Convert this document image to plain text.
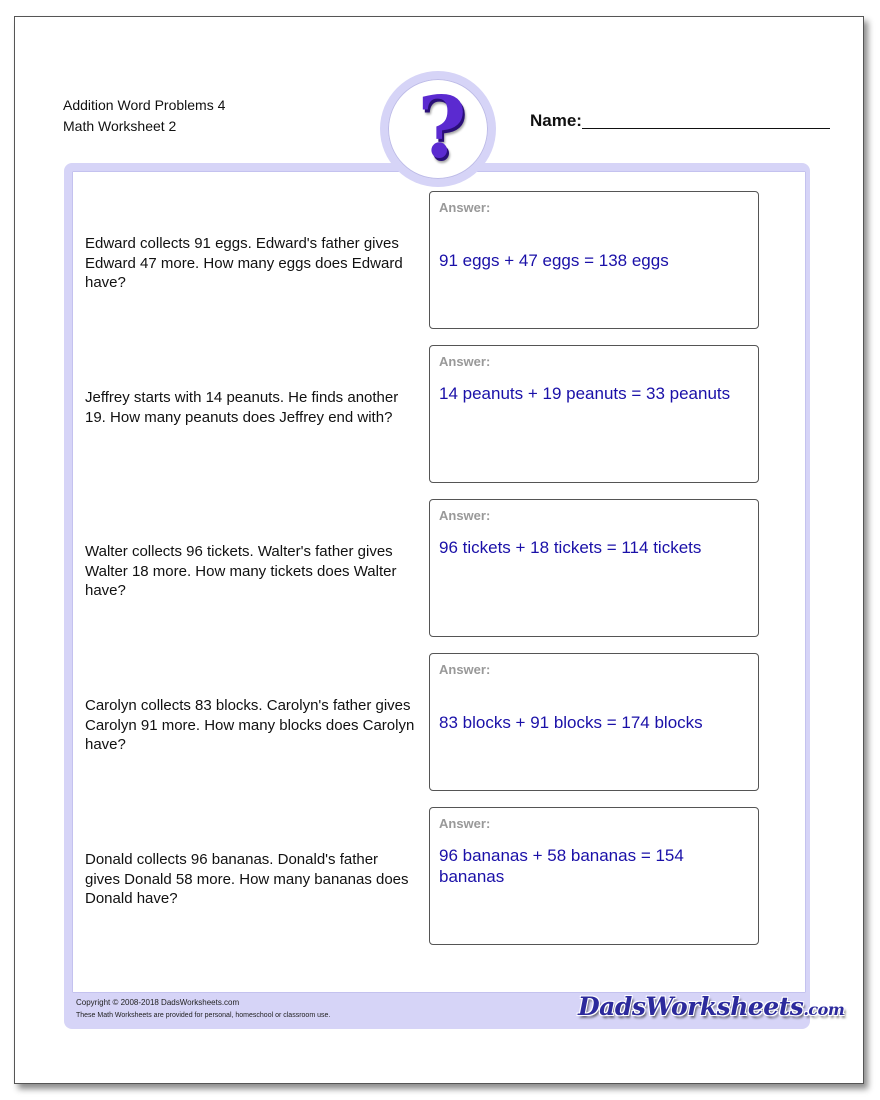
Addition Word Problems 4
Math Worksheet 2	Name:
?
Edward collects 91 eggs. Edward's father gives Edward 47 more. How many eggs does Edward have?
Answer:
91 eggs + 47 eggs = 138 eggs
Jeffrey starts with 14 peanuts. He finds another 19. How many peanuts does Jeffrey end with?
Answer:
14 peanuts + 19 peanuts = 33 peanuts
Walter collects 96 tickets. Walter's father gives Walter 18 more. How many tickets does Walter have?
Answer:
96 tickets + 18 tickets = 114 tickets
Carolyn collects 83 blocks. Carolyn's father gives Carolyn 91 more. How many blocks does Carolyn have?
Answer:
83 blocks + 91 blocks = 174 blocks
Donald collects 96 bananas. Donald's father gives Donald 58 more. How many bananas does Donald have?
Answer:
96 bananas + 58 bananas = 154 bananas
Copyright © 2008-2018 DadsWorksheets.com
These Math Worksheets are provided for personal, homeschool or classroom use.	DadsWorksheets.com
